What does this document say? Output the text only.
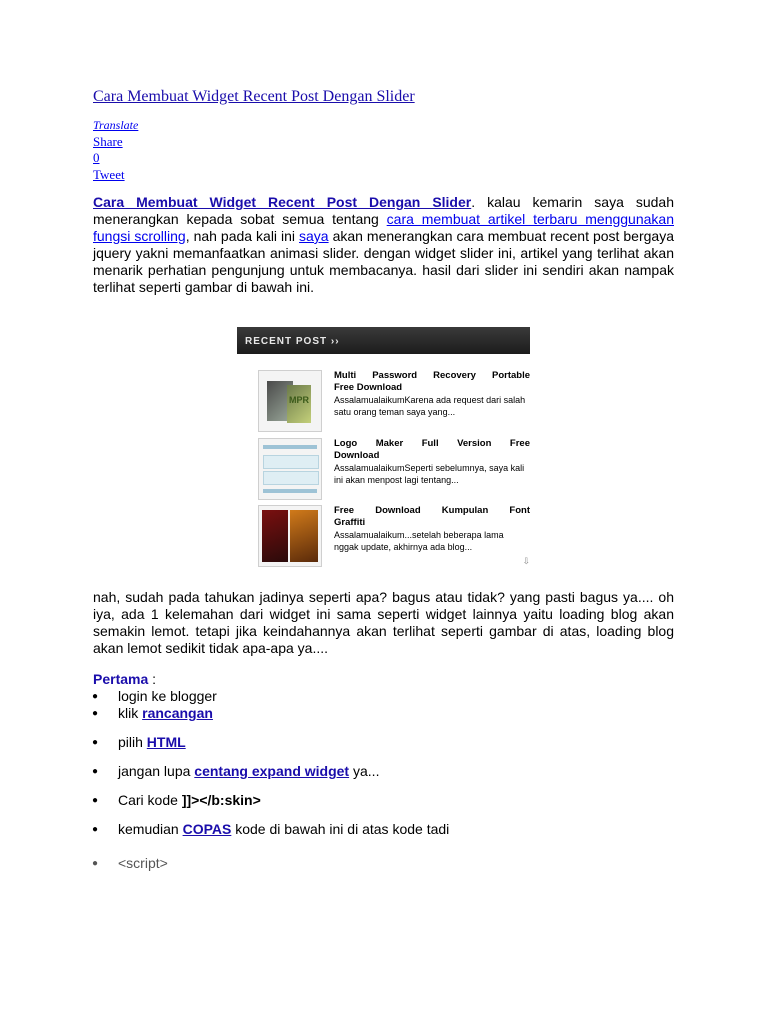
Cara Membuat Widget Recent Post Dengan Slider
Translate
Share
0
Tweet
Cara Membuat Widget Recent Post Dengan Slider. kalau kemarin saya sudah menerangkan kepada sobat semua tentang cara membuat artikel terbaru menggunakan fungsi scrolling, nah pada kali ini saya akan menerangkan cara membuat recent post bergaya jquery yakni memanfaatkan animasi slider. dengan widget slider ini, artikel yang terlihat akan menarik perhatian pengunjung untuk membacanya. hasil dari slider ini sendiri akan nampak terlihat seperti gambar di bawah ini.
RECENT POST ››
MPR
Multi Password Recovery Portable
Free Download
AssalamualaikumKarena ada request dari salah satu orang teman saya yang...
Logo Maker Full Version Free
Download
AssalamualaikumSeperti sebelumnya, saya kali ini akan menpost lagi tentang...
Free Download Kumpulan Font
Graffiti
Assalamualaikum...setelah beberapa lama nggak update, akhirnya ada blog...
⇩
nah, sudah pada tahukan jadinya seperti apa? bagus atau tidak? yang pasti bagus ya.... oh iya, ada 1 kelemahan dari widget ini sama seperti widget lainnya yaitu loading blog akan semakin lemot. tetapi jika keindahannya akan terlihat seperti gambar di atas, loading blog akan lemot sedikit tidak apa-apa ya....
Pertama :
● login ke blogger
● klik rancangan
● pilih HTML
● jangan lupa centang expand widget ya...
● Cari kode ]]></b:skin>
● kemudian COPAS kode di bawah ini di atas kode tadi
● <script>
